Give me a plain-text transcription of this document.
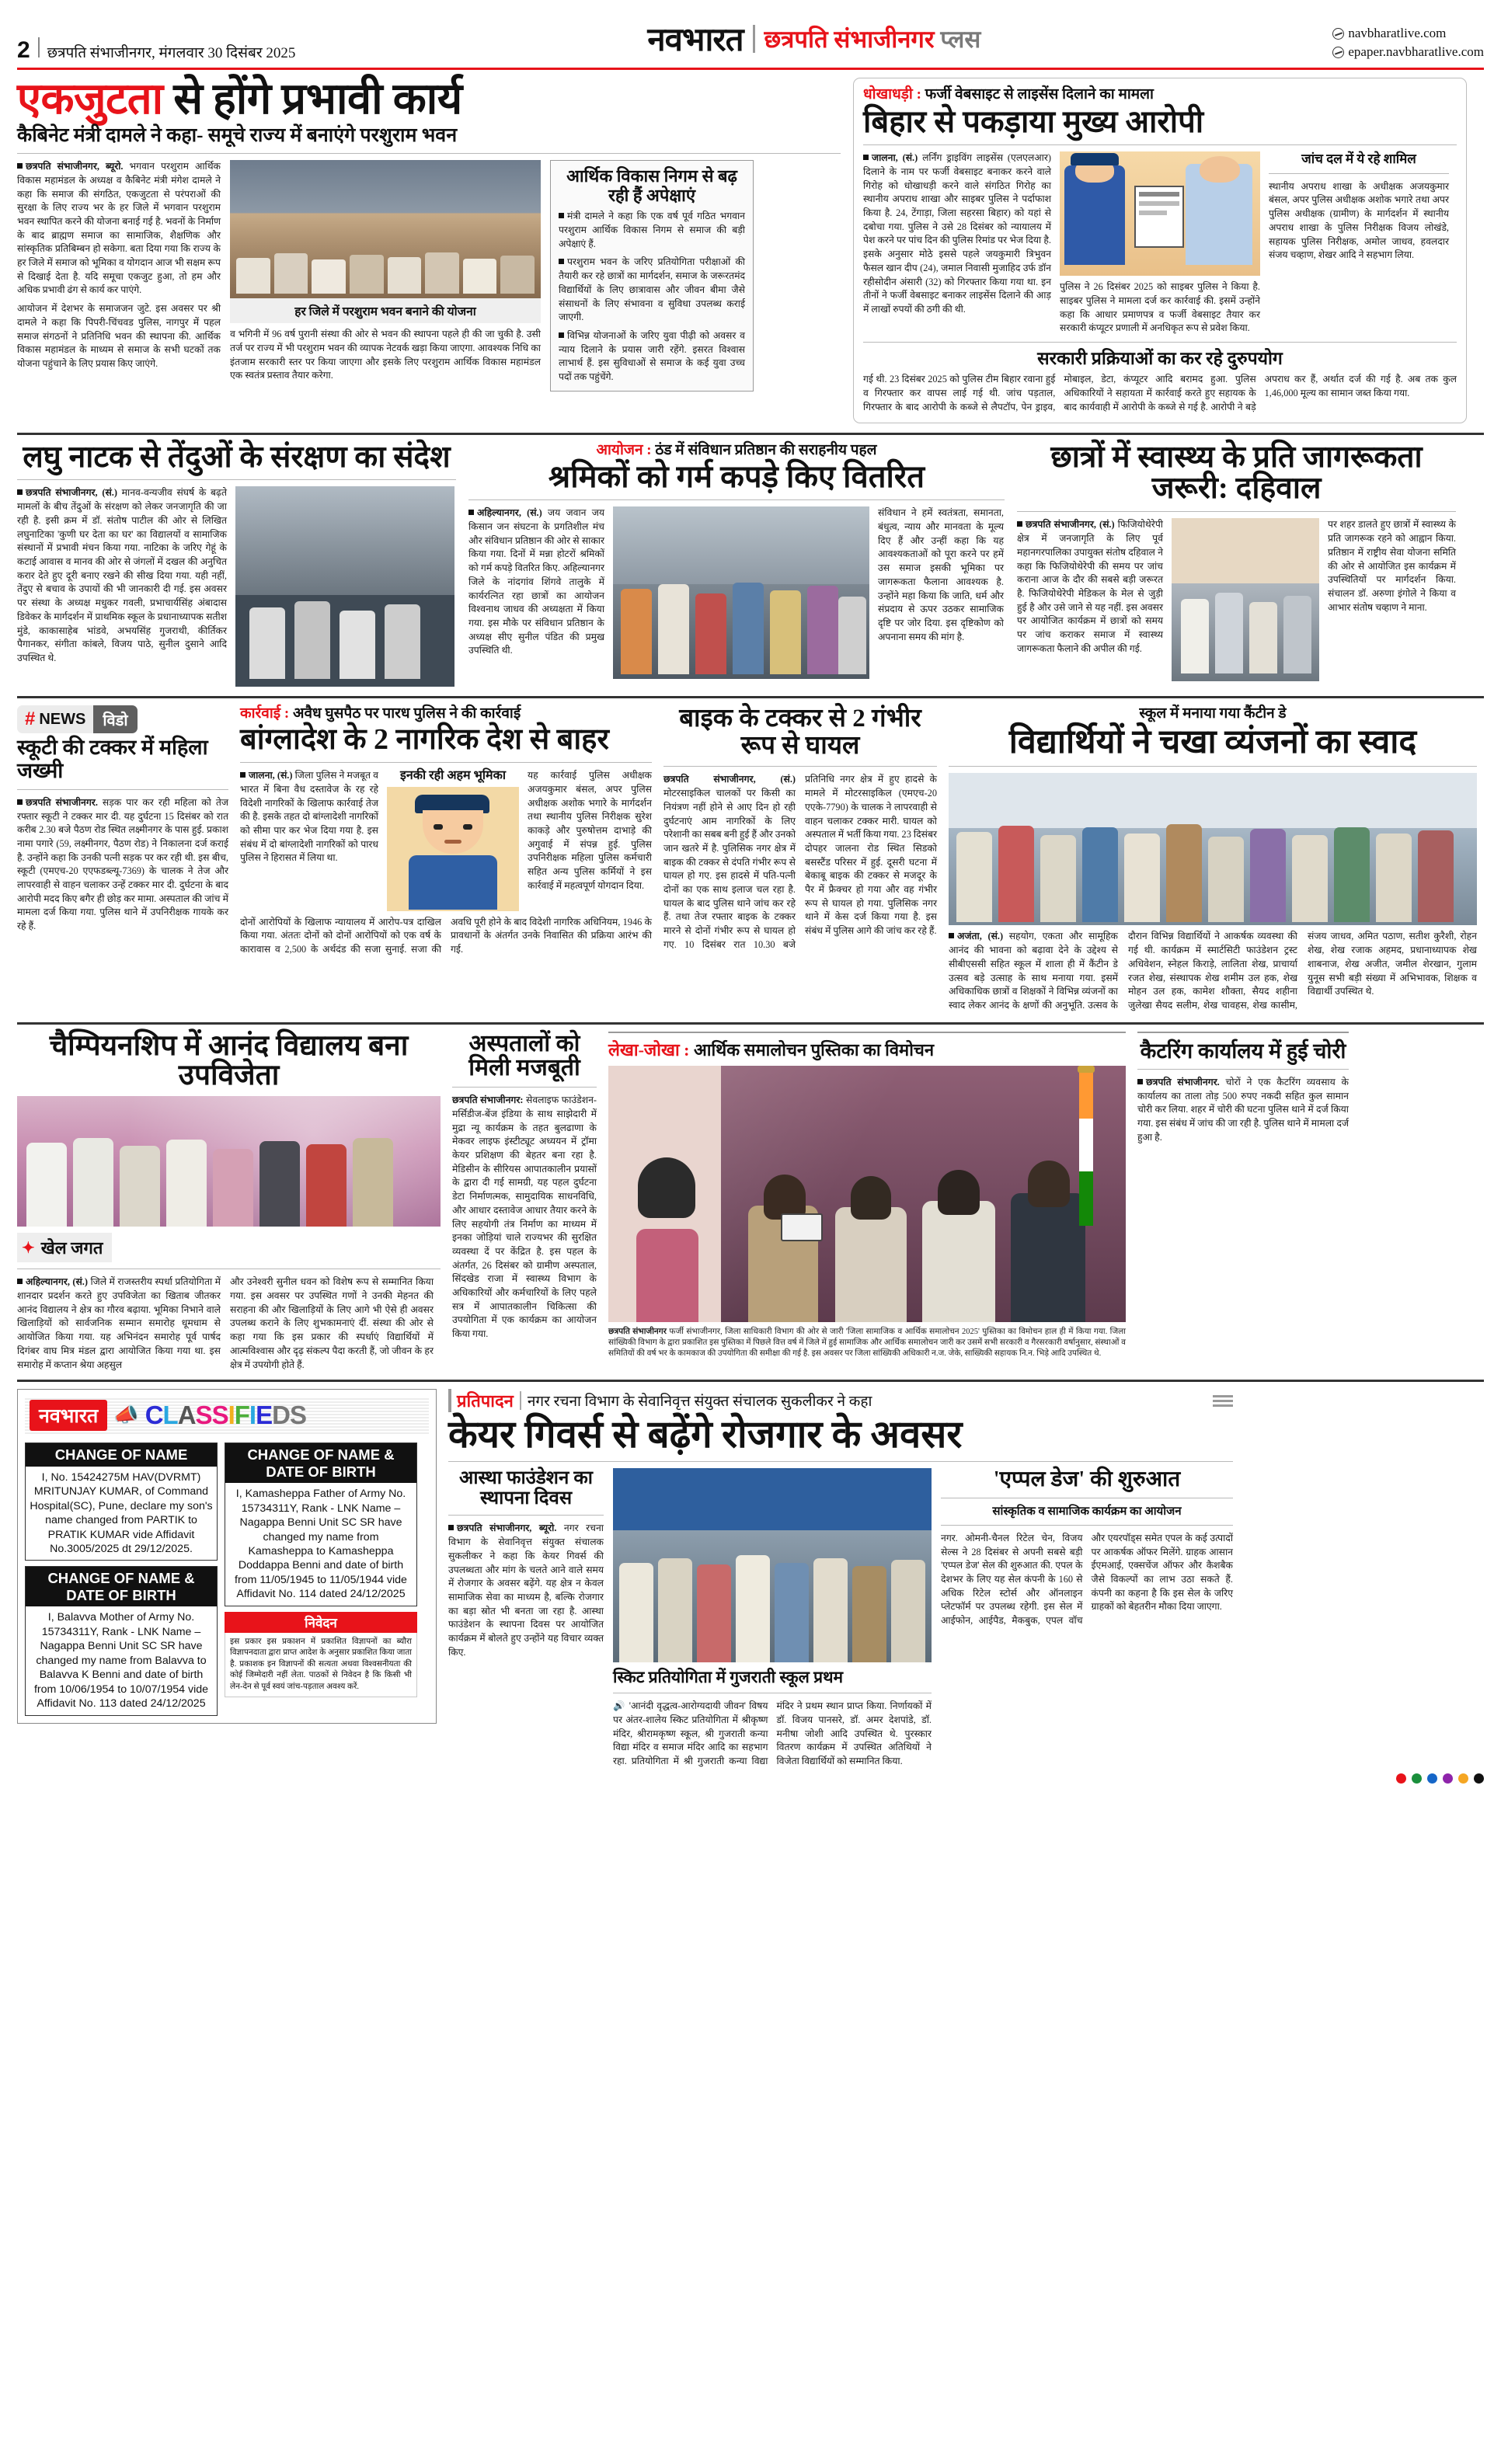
2 छत्रपति संभाजीनगर, मंगलवार 30 दिसंबर 2025	नवभारत छत्रपति संभाजीनगर प्लस	navbharatlive.com
epaper.navbharatlive.com
एकजुटता से होंगे प्रभावी कार्य
कैबिनेट मंत्री दामले ने कहा- समूचे राज्य में बनाएंगे परशुराम भवन
छत्रपति संभाजीनगर, ब्यूरो. भगवान परशुराम आर्थिक विकास महामंडल के अध्यक्ष व कैबिनेट मंत्री मंगेश दामले ने कहा कि समाज की संगठित, एकजुटता से परंपराओं की सुरक्षा के लिए राज्य भर के हर जिले में भगवान परशुराम भवन स्थापित करने की योजना बनाई गई है. भवनों के निर्माण के बाद ब्राह्मण समाज का सामाजिक, शैक्षणिक और सांस्कृतिक प्रतिबिम्बन हो सकेगा. बता दिया गया कि राज्य के हर जिले में समाज को भूमिका व योगदान आज भी सक्षम रूप से दिखाई देता है. यदि समूचा एकजुट हुआ, तो हम और अधिक प्रभावी ढंग से कार्य कर पाएंगे.
आयोजन में देशभर के समाजजन जुटे. इस अवसर पर श्री दामले ने कहा कि पिपरी-चिंचवड पुलिस, नागपुर में पहल समाज संगठनों ने प्रतिनिधि भवन की स्थापना की. आर्थिक विकास महामंडल के माध्यम से समाज के सभी घटकों तक योजना पहुंचाने के लिए प्रयास किए जाएंगे.
हर जिले में परशुराम भवन बनाने की योजना
व भगिनी में 96 वर्ष पुरानी संस्था की ओर से भवन की स्थापना पहले ही की जा चुकी है. उसी तर्ज पर राज्य में भी परशुराम भवन की व्यापक नेटवर्क खड़ा किया जाएगा. आवश्यक निधि का इंतजाम सरकारी स्तर पर किया जाएगा और इसके लिए परशुराम आर्थिक विकास महामंडल एक स्वतंत्र प्रस्ताव तैयार करेगा.
आर्थिक विकास निगम से बढ़ रही हैं अपेक्षाएं
मंत्री दामले ने कहा कि एक वर्ष पूर्व गठित भगवान परशुराम आर्थिक विकास निगम से समाज की बड़ी अपेक्षाएं हैं.
परशुराम भवन के जरिए प्रतियोगिता परीक्षाओं की तैयारी कर रहे छात्रों का मार्गदर्शन, समाज के जरूरतमंद विद्यार्थियों के लिए छात्रावास और जीवन बीमा जैसे संसाधनों के लिए संभावना व सुविधा उपलब्ध कराई जाएगी.
विभिन्न योजनाओं के जरिए युवा पीढ़ी को अवसर व न्याय दिलाने के प्रयास जारी रहेंगे. इसरत विश्वास लाभार्थ हैं. इस सुविधाओं से समाज के कई युवा उच्च पदों तक पहुंचेंगे.
धोखाधड़ी : फर्जी वेबसाइट से लाइसेंस दिलाने का मामला
बिहार से पकड़ाया मुख्य आरोपी
जालना, (सं.) लर्निंग ड्राइविंग लाइसेंस (एलएलआर) दिलाने के नाम पर फर्जी वेबसाइट बनाकर करने वाले गिरोह को धोखाधड़ी करने वाले संगठित गिरोह का स्थानीय अपराध शाखा और साइबर पुलिस ने पर्दाफाश किया है. 24, टेंगाड़ा, जिला सहरसा बिहार) को यहां से दबोचा गया. पुलिस ने उसे 28 दिसंबर को न्यायालय में पेश करने पर पांच दिन की पुलिस रिमांड पर भेज दिया है. इसके अनुसार मोठे इससे पहले जयकुमारी त्रिभुवन फैसल खान दीप (24), जमाल निवासी मुजाहिद उर्फ डॉन रहीसोदीन अंसारी (32) को गिरफ्तार किया गया था. इन तीनों ने फर्जी वेबसाइट बनाकर लाइसेंस दिलाने की आड़ में लाखों रुपयों की ठगी की थी.
पुलिस ने 26 दिसंबर 2025 को साइबर पुलिस ने किया है. साइबर पुलिस ने मामला दर्ज कर कार्रवाई की. इसमें उन्होंने कहा कि आधार प्रमाणपत्र व फर्जी वेबसाइट तैयार कर सरकारी कंप्यूटर प्रणाली में अनधिकृत रूप से प्रवेश किया.
जांच दल में ये रहे शामिल
स्थानीय अपराध शाखा के अधीक्षक अजयकुमार बंसल, अपर पुलिस अधीक्षक अशोक भगारे तथा अपर पुलिस अधीक्षक (ग्रामीण) के मार्गदर्शन में स्थानीय अपराध शाखा के पुलिस निरीक्षक विजय लोखंडे, सहायक पुलिस निरीक्षक, अमोल जाधव, हवलदार संजय चव्हाण, शेखर आदि ने सहभाग लिया.
सरकारी प्रक्रियाओं का कर रहे दुरुपयोग
गई थी. 23 दिसंबर 2025 को पुलिस टीम बिहार रवाना हुई व गिरफ्तार कर वापस लाई गई थी. जांच पड़ताल, गिरफ्तार के बाद आरोपी के कब्जे से लैपटॉप, पेन ड्राइव, मोबाइल, डेटा, कंप्यूटर आदि बरामद हुआ. पुलिस अधिकारियों ने सहायता में कार्रवाई करते हुए सहायक के बाद कार्यवाही में आरोपी के कब्जे से गई है. आरोपी ने बड़े अपराध कर हैं, अर्थात दर्ज की गई है. अब तक कुल 1,46,000 मूल्य का सामान जब्त किया गया.
लघु नाटक से तेंदुओं के संरक्षण का संदेश
छत्रपति संभाजीनगर, (सं.) मानव-वन्यजीव संघर्ष के बढ़ते मामलों के बीच तेंदुओं के संरक्षण को लेकर जनजागृति की जा रही है. इसी क्रम में डॉ. संतोष पाटील की ओर से लिखित लघुनाटिका 'कुणी घर देता का घर' का विद्यालयों व सामाजिक संस्थानों में प्रभावी मंचन किया गया. नाटिका के जरिए गेहूं के कटाई आवास व मानव की ओर से जंगलों में दखल की अनुचित करार देते हुए दूरी बनाए रखने की सीख दिया गया. यही नहीं, तेंदुए से बचाव के उपायों की भी जानकारी दी गई. इस अवसर पर संस्था के अध्यक्ष मधुकर गवली, प्रभाचार्यसिंह अंबादास डिवेकर के मार्गदर्शन में प्राथमिक स्कूल के प्रधानाध्यापक सतीश मुंडे, काकासाहेब भांडवे, अभयसिंह गुजराथी, कीर्तिकर पैगानकर, संगीता कांबले, विजय पाठे, सुनील दुसाने आदि उपस्थित थे.
आयोजन : ठंड में संविधान प्रतिष्ठान की सराहनीय पहल
श्रमिकों को गर्म कपड़े किए वितरित
अहिल्यानगर, (सं.) जय जवान जय किसान जन संघटना के प्रगतिशील मंच और संविधान प्रतिष्ठान की ओर से साकार किया गया. दिनों में मन्ना होटरों श्रमिकों को गर्म कपड़े वितरित किए. अहिल्यानगर जिले के नांदगांव शिंगवे तालुके में कार्यरत्नित रहा छात्रों का आयोजन विश्वनाथ जाधव की अध्यक्षता में किया गया. इस मौके पर संविधान प्रतिष्ठान के अध्यक्ष सीए सुनील पंडित की प्रमुख उपस्थिति थी.
संविधान ने हमें स्वतंत्रता, समानता, बंधुत्व, न्याय और मानवता के मूल्य दिए हैं और उन्हीं कहा कि यह आवश्यकताओं को पूरा करने पर हमें उस समाज इसकी भूमिका पर जागरूकता फैलाना आवश्यक है. उन्होंने महा किया कि जाति, धर्म और संप्रदाय से ऊपर उठकर सामाजिक दृष्टि पर जोर दिया. इस दृष्टिकोण को अपनाना समय की मांग है.
छात्रों में स्वास्थ्य के प्रति जागरूकता जरूरी: दहिवाल
छत्रपति संभाजीनगर, (सं.) फिजियोथेरेपी क्षेत्र में जनजागृति के लिए पूर्व महानगरपालिका उपायुक्त संतोष दहिवाल ने कहा कि फिजियोथेरेपी की समय पर जांच कराना आज के दौर की सबसे बड़ी जरूरत है. फिजियोथेरेपी मेडिकल के मेल से जुड़ी हुई है और उसे जाने से यह नहीं. इस अवसर पर आयोजित कार्यक्रम में छात्रों को समय पर जांच कराकर समाज में स्वास्थ्य जागरूकता फैलाने की अपील की गई.
पर शहर डालते हुए छात्रों में स्वास्थ्य के प्रति जागरूक रहने को आह्वान किया. प्रतिष्ठान में राष्ट्रीय सेवा योजना समिति की ओर से आयोजित इस कार्यक्रम में उपस्थितियों पर मार्गदर्शन किया. संचालन डॉ. अरुणा इंगोले ने किया व आभार संतोष चव्हाण ने माना.
# NEWS	विडो
स्कूटी की टक्कर में महिला जख्मी
छत्रपति संभाजीनगर. सड़क पार कर रही महिला को तेज रफ्तार स्कूटी ने टक्कर मार दी. यह दुर्घटना 15 दिसंबर को रात करीब 2.30 बजे पैठण रोड स्थित लक्ष्मीनगर के पास हुई. प्रकाश नामा पगारे (59, लक्ष्मीनगर, पैठण रोड) ने निकालना दर्ज कराई है. उन्होंने कहा कि उनकी पत्नी सड़क पर कर रही थी. इस बीच, स्कूटी (एमएच-20 एएफडब्ल्यू-7369) के चालक ने तेज और लापरवाही से वाहन चलाकर उन्हें टक्कर मार दी. दुर्घटना के बाद आरोपी मदद किए बगैर ही छोड़ कर मामा. अस्पताल की जांच में मामला दर्ज किया गया. पुलिस थाने में उपनिरीक्षक गायके कर रहे हैं.
कार्रवाई : अवैध घुसपैठ पर पारध पुलिस ने की कार्रवाई
बांग्लादेश के 2 नागरिक देश से बाहर
जालना, (सं.) जिला पुलिस ने मजबूत व भारत में बिना वैध दस्तावेज के रह रहे विदेशी नागरिकों के खिलाफ कार्रवाई तेज की है. इसके तहत दो बांग्लादेशी नागरिकों को सीमा पार कर भेज दिया गया है. इस संबंध में दो बांग्लादेशी नागरिकों को पारध पुलिस ने हिरासत में लिया था.
इनकी रही अहम भूमिका	यह कार्रवाई पुलिस अधीक्षक अजयकुमार बंसल, अपर पुलिस अधीक्षक अशोक भगारे के मार्गदर्शन तथा स्थानीय पुलिस निरीक्षक सुरेश काकड़े और पुरुषोत्तम दाभाड़े की अगुवाई में संपन्न हुई. पुलिस उपनिरीक्षक महिला पुलिस कर्मचारी सहित अन्य पुलिस कर्मियों ने इस कार्रवाई में महत्वपूर्ण योगदान दिया.
दोनों आरोपियों के खिलाफ न्यायालय में आरोप-पत्र दाखिल किया गया. अंततः दोनों को दोनों आरोपियों को एक वर्ष के कारावास व 2,500 के अर्थदंड की सजा सुनाई. सजा की अवधि पूरी होने के बाद विदेशी नागरिक अधिनियम, 1946 के प्रावधानों के अंतर्गत उनके निवासित की प्रक्रिया आरंभ की गई.
बाइक के टक्कर से 2 गंभीर रूप से घायल
छत्रपति संभाजीनगर, (सं.) मोटरसाइकिल चालकों पर किसी का नियंत्रण नहीं होने से आए दिन हो रही दुर्घटनाएं आम नागरिकों के लिए परेशानी का सबब बनी हुई हैं और उनको जान खतरे में है. पुलिसिक नगर क्षेत्र में बाइक की टक्कर से दंपति गंभीर रूप से घायल हो गए. इस हादसे में पति-पत्नी दोनों का एक साथ इलाज चल रहा है. घायल के बाद पुलिस थाने जांच कर रहे हैं. तथा तेज रफ्तार बाइक के टक्कर मारने से दोनों गंभीर रूप से घायल हो गए. 10 दिसंबर रात 10.30 बजे प्रतिनिधि नगर क्षेत्र में हुए हादसे के मामले में मोटरसाइकिल (एमएच-20 एएके-7790) के चालक ने लापरवाही से वाहन चलाकर टक्कर मारी. घायल को अस्पताल में भर्ती किया गया. 23 दिसंबर दोपहर जालना रोड स्थित सिडको बसस्टैंड परिसर में हुई. दूसरी घटना में बेकाबू बाइक की टक्कर से मजदूर के पैर में फ्रैक्चर हो गया और वह गंभीर रूप से घायल हो गया. पुलिसिक नगर थाने में केस दर्ज किया गया है. इस संबंध में पुलिस आगे की जांच कर रहे हैं.
स्कूल में मनाया गया कैंटीन डे
विद्यार्थियों ने चखा व्यंजनों का स्वाद
अजंता, (सं.) सहयोग, एकता और सामूहिक आनंद की भावना को बढ़ावा देने के उद्देश्य से सीबीएससी सहित स्कूल में शाला ही में कैंटीन डे उत्सव बड़े उत्साह के साथ मनाया गया. इसमें अधिकाधिक छात्रों व शिक्षकों ने विभिन्न व्यंजनों का स्वाद लेकर आनंद के क्षणों की अनुभूति. उत्सव के दौरान विभिन्न विद्यार्थियों ने आकर्षक व्यवस्था की गई थी. कार्यक्रम में स्मार्टसिटी फाउंडेशन ट्रस्ट अधिवेशन, स्नेहल किराड़े, लालिता शेख, प्राचार्या रजत शेख, संस्थापक शेख शमीम उल हक, शेख मोहन उल हक, कामेश शौक्ता, सैयद शहीना जुलेखा सैयद सलीम, शेख चावहस, शेख कासीम, संजय जाधव, अमित पठाण, सतीश कुरैशी, रोहन शेख, शेख रजाक अहमद, प्रधानाध्यापक शेख शाबनाज, शेख अजीत, जमील शेरखान, गुलाम युनूस सभी बड़ी संख्या में अभिभावक, शिक्षक व विद्यार्थी उपस्थित थे.
चैम्पियनशिप में आनंद विद्यालय बना उपविजेता
✦ खेल जगत
अहिल्यानगर, (सं.) जिले में राजस्तरीय स्पर्धा प्रतियोगिता में शानदार प्रदर्शन करते हुए उपविजेता का खिताब जीतकर आनंद विद्यालय ने क्षेत्र का गौरव बढ़ाया. भूमिका निभाने वाले खिलाड़ियों को सार्वजनिक सम्मान समारोह धूमधाम से आयोजित किया गया. यह अभिनंदन समारोह पूर्व पार्षद दिगंबर वाघ मित्र मंडल द्वारा आयोजित किया गया था. इस समारोह में कप्तान श्रेया अहसुल
और उनेश्वरी सुनील धवन को विशेष रूप से सम्मानित किया गया. इस अवसर पर उपस्थित गणों ने उनकी मेहनत की सराहना की और खिलाड़ियों के लिए आगे भी ऐसे ही अवसर उपलब्ध कराने के लिए शुभकामनाएं दीं. संस्था की ओर से कहा गया कि इस प्रकार की स्पर्धाएं विद्यार्थियों में आत्मविश्वास और दृढ़ संकल्प पैदा करती हैं, जो जीवन के हर क्षेत्र में उपयोगी होते हैं.
अस्पतालों को मिली मजबूती
छत्रपति संभाजीनगर: सेवलाइफ फाउंडेशन-मर्सिडीज-बेंज इंडिया के साथ साझेदारी में मुद्रा न्यू कार्यक्रम के तहत बुलढाणा के मेकवर लाइफ इंस्टीट्यूट अध्ययन में ट्रॉमा केयर प्रशिक्षण की बेहतर बना रहा है. मेडिसीन के सीरियस आपातकालीन प्रयासों के द्वारा दी गई सामग्री, यह पहल दुर्घटना डेटा निर्माणत्मक, सामुदायिक साधनविधि, और आधार दस्तावेज आधार तैयार करने के लिए सहयोगी तंत्र निर्माण का माध्यम में इनका जोड़ियां चाले राज्यभर की सुरक्षित व्यवस्था दें पर केंद्रित है. इस पहल के अंतर्गत, 26 दिसंबर को ग्रामीण अस्पताल, सिंदखेड राजा में स्वास्थ्य विभाग के अधिकारियों और कर्मचारियों के लिए पहले सत्र में आपातकालीन चिकित्सा की उपयोगिता में एक कार्यक्रम का आयोजन किया गया.
लेखा-जोखा : आर्थिक समालोचन पुस्तिका का विमोचन
छत्रपति संभाजीनगर फर्जी संभाजीनगर, जिला साधिकारी विभाग की ओर से जारी 'जिला सामाजिक व आर्थिक समालोचन 2025' पुस्तिका का विमोचन हाल ही में किया गया. जिला सांख्यिकी विभाग के द्वारा प्रकाशित इस पुस्तिका में पिछले वित्त वर्ष में जिले में हुई सामाजिक और आर्थिक समालोचन जारी कर उसमें सभी सरकारी व गैरसरकारी वर्षानुसार, संस्थाओं व समितियों की वर्ष भर के कामकाज की उपयोगिता की समीक्षा की गई है. इस अवसर पर जिला सांख्यिकी अधिकारी न.ज. जेके, साख्यिकी सहायक नि.न. भिड़े आदि उपस्थित थे.
कैटरिंग कार्यालय में हुई चोरी
छत्रपति संभाजीनगर. चोरों ने एक कैटरिंग व्यवसाय के कार्यालय का ताला तोड़ 500 रुपए नकदी सहित कुल सामान चोरी कर लिया. शहर में चोरी की घटना पुलिस थाने में दर्ज किया गया. इस संबंध में जांच की जा रही है. पुलिस थाने में मामला दर्ज हुआ है.
नवभारत 📣 CLASSIFIEDS
CHANGE OF NAME
I, No. 15424275M HAV(DVRMT) MRITUNJAY KUMAR, of Command Hospital(SC), Pune, declare my son's name changed from PARTIK to PRATIK KUMAR vide Affidavit No.3005/2025 dt 29/12/2025.
CHANGE OF NAME & DATE OF BIRTH
I, Balavva Mother of Army No. 15734311Y, Rank - LNK Name –Nagappa Benni Unit SC SR have changed my name from Balavva to Balavva K Benni and date of birth from 10/06/1954 to 10/07/1954 vide Affidavit No. 113 dated 24/12/2025
CHANGE OF NAME & DATE OF BIRTH
I, Kamasheppa Father of Army No. 15734311Y, Rank - LNK Name – Nagappa Benni Unit SC SR have changed my name from Kamasheppa to Kamasheppa Doddappa Benni and date of birth from 11/05/1945 to 11/05/1944 vide Affidavit No. 114 dated 24/12/2025
निवेदन
इस प्रकार इस प्रकाशन में प्रकाशित विज्ञापनों का ब्यौरा विज्ञापनदाता द्वारा प्राप्त आदेश के अनुसार प्रकाशित किया जाता है. प्रकाशक इन विज्ञापनों की सत्यता अथवा विश्वसनीयता की कोई जिम्मेदारी नहीं लेता. पाठकों से निवेदन है कि किसी भी लेन-देन से पूर्व स्वयं जांच-पड़ताल अवश्य करें.
प्रतिपादन नगर रचना विभाग के सेवानिवृत्त संयुक्त संचालक सुकलीकर ने कहा
केयर गिवर्स से बढ़ेंगे रोजगार के अवसर
आस्था फाउंडेशन का स्थापना दिवस
छत्रपति संभाजीनगर, ब्यूरो. नगर रचना विभाग के सेवानिवृत्त संयुक्त संचालक सुकलीकर ने कहा कि केयर गिवर्स की उपलब्धता और मांग के चलते आने वाले समय में रोजगार के अवसर बढ़ेंगे. यह क्षेत्र न केवल सामाजिक सेवा का माध्यम है, बल्कि रोजगार का बड़ा स्रोत भी बनता जा रहा है. आस्था फाउंडेशन के स्थापना दिवस पर आयोजित कार्यक्रम में बोलते हुए उन्होंने यह विचार व्यक्त किए.
स्किट प्रतियोगिता में गुजराती स्कूल प्रथम
🔊 'आनंदी वृद्धत्व-आरोग्यदायी जीवन' विषय पर अंतर-शालेय स्किट प्रतियोगिता में श्रीकृष्ण मंदिर, श्रीरामकृष्ण स्कूल, श्री गुजराती कन्या विद्या मंदिर व समाज मंदिर आदि का सहभाग रहा. प्रतियोगिता में श्री गुजराती कन्या विद्या मंदिर ने प्रथम स्थान प्राप्त किया. निर्णायकों में डॉ. विजय पानसरे, डॉ. अमर देशपांडे, डॉ. मनीषा जोशी आदि उपस्थित थे. पुरस्कार वितरण कार्यक्रम में उपस्थित अतिथियों ने विजेता विद्यार्थियों को सम्मानित किया.
'एप्पल डेज' की शुरुआत
सांस्कृतिक व सामाजिक कार्यक्रम का आयोजन
नगर. ओमनी-चैनल रिटेल चेन, विजय सेल्स ने 28 दिसंबर से अपनी सबसे बड़ी 'एप्पल डेज' सेल की शुरुआत की. एपल के देशभर के लिए यह सेल कंपनी के 160 से अधिक रिटेल स्टोर्स और ऑनलाइन प्लेटफॉर्म पर उपलब्ध रहेगी. इस सेल में आईफोन, आईपैड, मैकबुक, एपल वॉच और एयरपॉड्स समेत एपल के कई उत्पादों पर आकर्षक ऑफर मिलेंगे. ग्राहक आसान ईएमआई, एक्सचेंज ऑफर और कैशबैक जैसे विकल्पों का लाभ उठा सकते हैं. कंपनी का कहना है कि इस सेल के जरिए ग्राहकों को बेहतरीन मौका दिया जाएगा.
